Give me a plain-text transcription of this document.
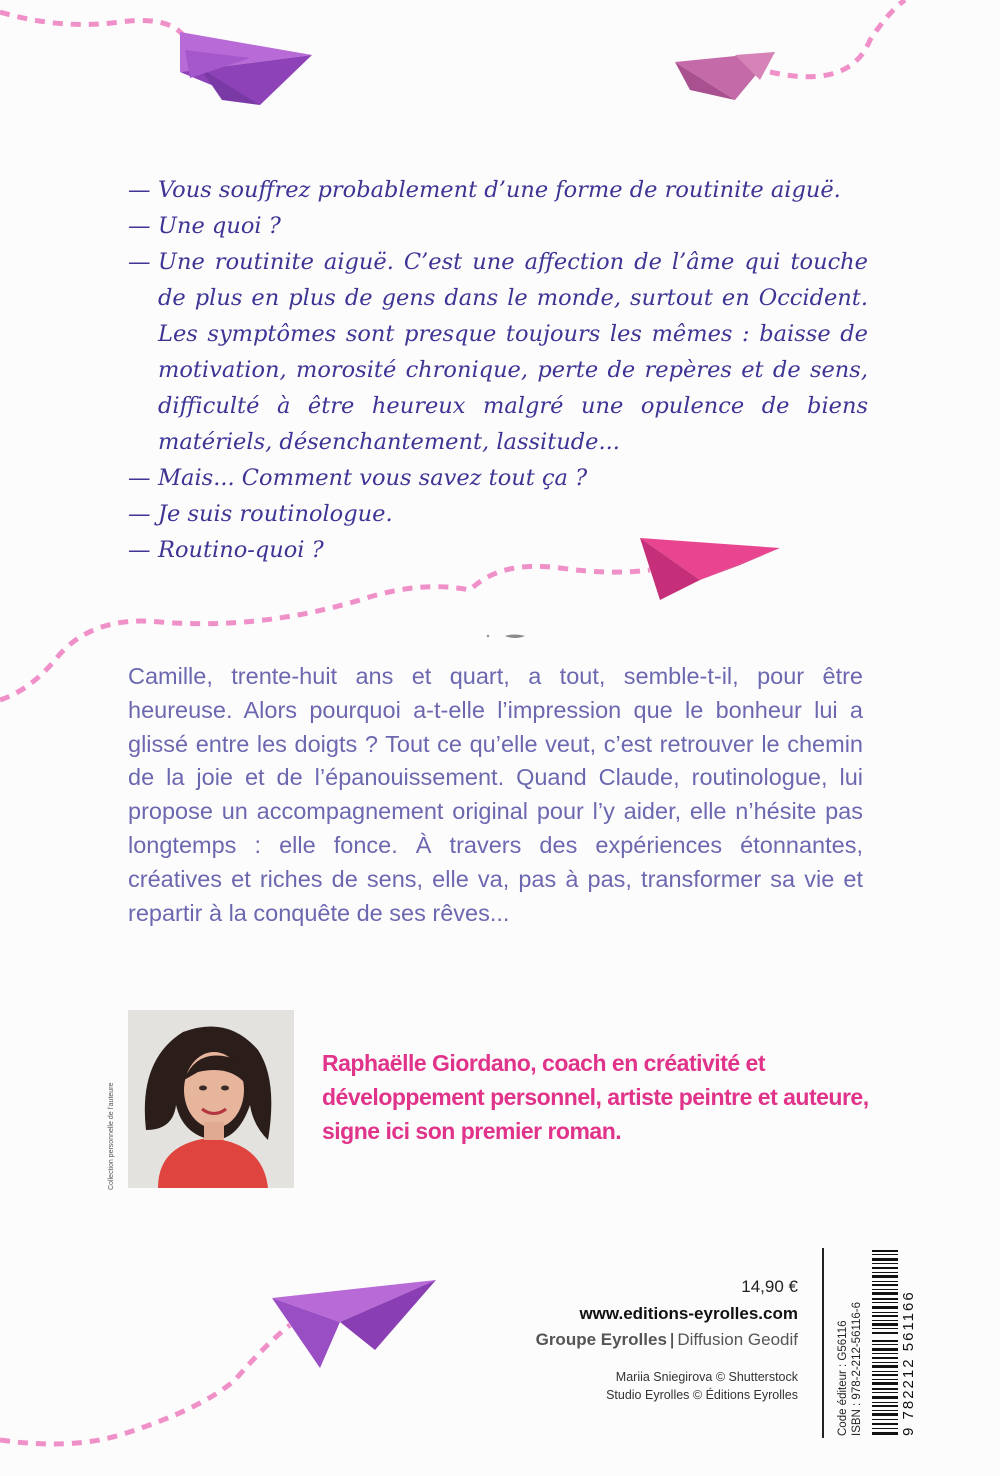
— Vous souffrez probablement d’une forme de routinite aiguë.
— Une quoi ?
— Une routinite aiguë. C’est une affection de l’âme qui touche de plus en plus de gens dans le monde, surtout en Occident. Les symptômes sont presque toujours les mêmes : baisse de motivation, morosité chronique, perte de repères et de sens, difficulté à être heureux malgré une opulence de biens matériels, désenchantement, lassitude...
— Mais... Comment vous savez tout ça ?
— Je suis routinologue.
— Routino-quoi ?
Camille, trente-huit ans et quart, a tout, semble-t-il, pour être heureuse. Alors pourquoi a-t-elle l’impression que le bonheur lui a glissé entre les doigts ? Tout ce qu’elle veut, c’est retrouver le chemin de la joie et de l’épanouissement. Quand Claude, routinologue, lui propose un accompagnement original pour l’y aider, elle n’hésite pas longtemps : elle fonce. À travers des expériences étonnantes, créatives et riches de sens, elle va, pas à pas, transformer sa vie et repartir à la conquête de ses rêves...
Collection personnelle de l’auteure
Raphaëlle Giordano, coach en créativité et développement personnel, artiste peintre et auteure, signe ici son premier roman.
14,90 €
www.editions-eyrolles.com
Groupe Eyrolles | Diffusion Geodif
Mariia Sniegirova © Shutterstock
Studio Eyrolles © Éditions Eyrolles	Code éditeur : G56116 ISBN : 978-2-212-56116-6 9 782212 561166
